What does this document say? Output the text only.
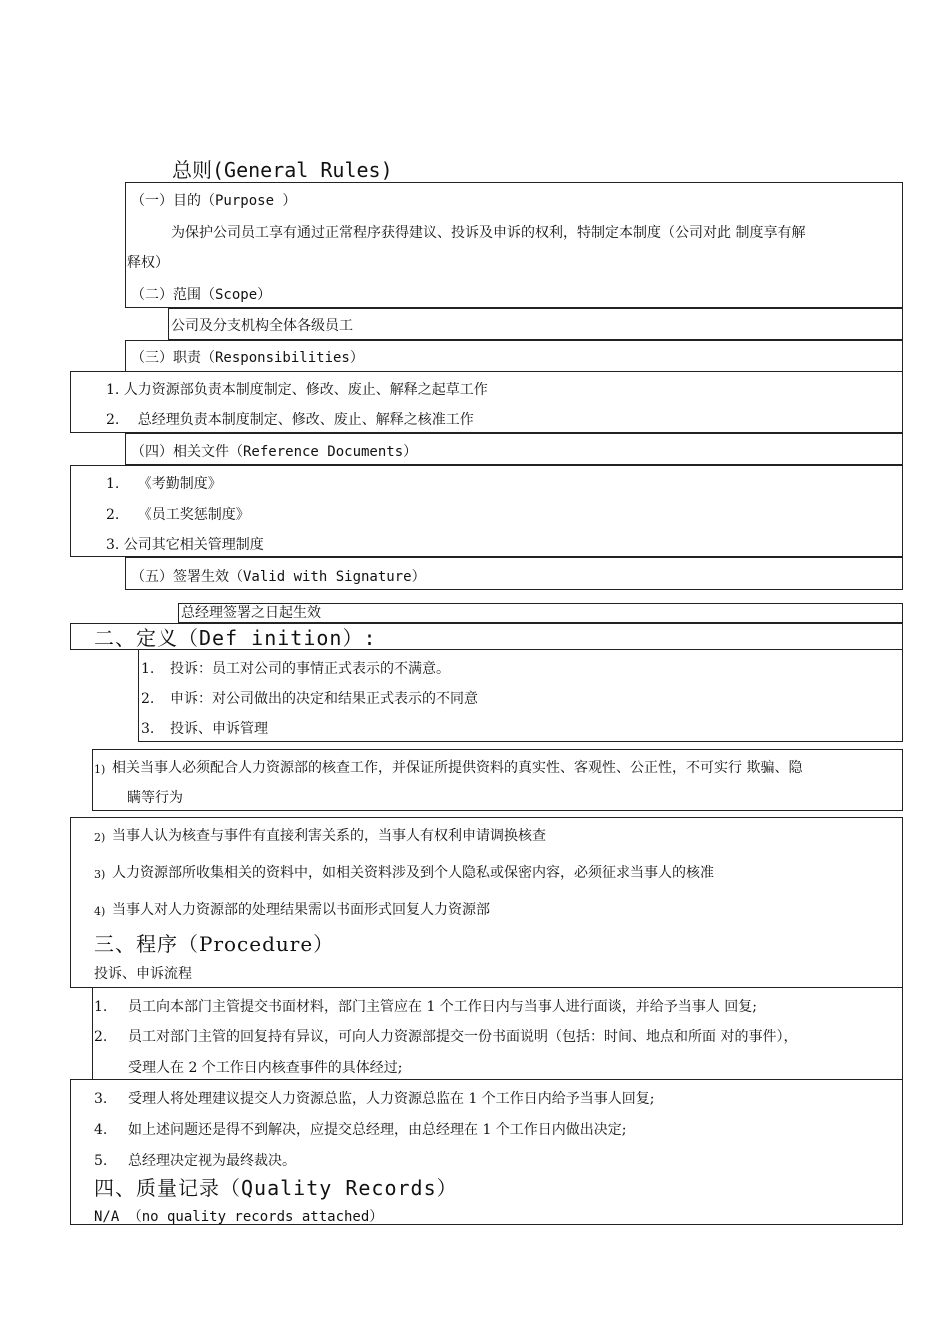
总则(General Rules)
（一）目的（Purpose ）
为保护公司员工享有通过正常程序获得建议、投诉及申诉的权利，特制定本制度（公司对此 制度享有解
释权）
（二）范围（Scope）
公司及分支机构全体各级员工
（三）职责（Responsibilities）
1. 人力资源部负责本制度制定、修改、废止、解释之起草工作
2.　 总经理负责本制度制定、修改、废止、解释之核准工作
（四）相关文件（Reference Documents）
1.　 《考勤制度》
2.　 《员工奖惩制度》
3. 公司其它相关管理制度
（五）签署生效（Valid with Signature）
总经理签署之日起生效
二、定义（Def inition）:
1. 投诉：员工对公司的事情正式表示的不满意。
2. 申诉：对公司做出的决定和结果正式表示的不同意
3. 投诉、申诉管理
1) 相关当事人必须配合人力资源部的核查工作，并保证所提供资料的真实性、客观性、公正性，不可实行 欺骗、隐
瞒等行为
2) 当事人认为核查与事件有直接利害关系的，当事人有权利申请调换核查
3) 人力资源部所收集相关的资料中，如相关资料涉及到个人隐私或保密内容，必须征求当事人的核准
4) 当事人对人力资源部的处理结果需以书面形式回复人力资源部
三、程序（Procedure）
投诉、申诉流程
1. 员工向本部门主管提交书面材料，部门主管应在 1 个工作日内与当事人进行面谈，并给予当事人 回复;
2. 员工对部门主管的回复持有异议，可向人力资源部提交一份书面说明（包括：时间、地点和所面 对的事件），
受理人在 2 个工作日内核查事件的具体经过;
3. 受理人将处理建议提交人力资源总监，人力资源总监在 1 个工作日内给予当事人回复;
4. 如上述问题还是得不到解决，应提交总经理，由总经理在 1 个工作日内做出决定;
5. 总经理决定视为最终裁决。
四、质量记录（Quality Records）
N/A （no quality records attached）
